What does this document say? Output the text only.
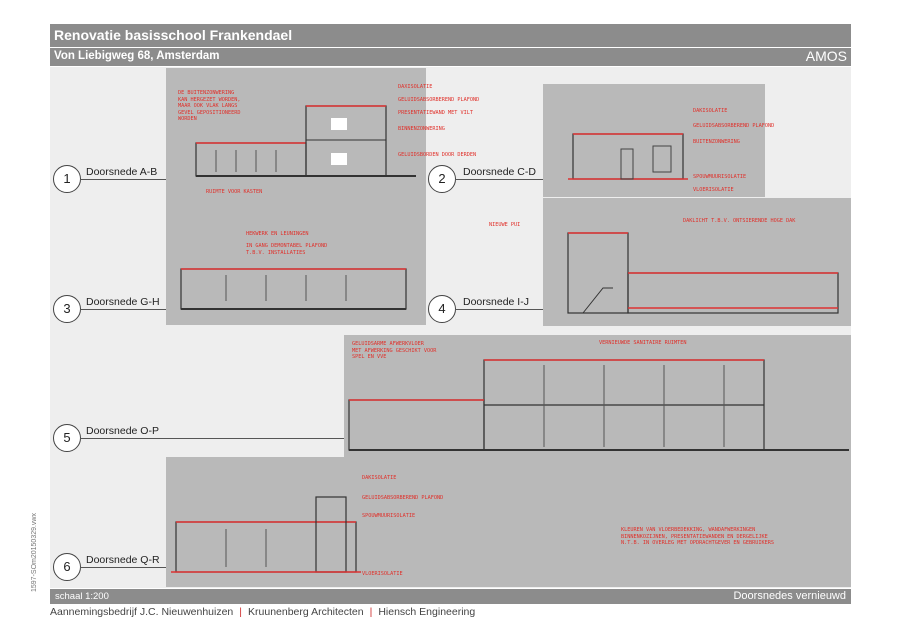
Renovatie basisschool Frankendael
Von Liebigweg 68, Amsterdam	AMOS
DE BUITENZONWERING
KAN HERGEZET WORDEN,
MAAR OOK VLAK LANGS
GEVEL GEPOSITIONEERD
WORDEN
DAXISOLATIE
GELUIDSABSORBEREND PLAFOND
PRESENTATIEWAND MET VILT
BINNENZONWERING
GELUIDSBORDEN DOOR DERDEN
RUIMTE VOOR KASTEN
DAKISOLATIE
GELUIDSABSORBEREND PLAFOND
BUITENZONWERING
SPOUWMUURISOLATIE
VLOERISOLATIE
HEKWERK EN LEUNINGEN
IN GANG DEMONTABEL PLAFOND
T.B.V. INSTALLATIES
NIEUWE PUI
DAKLICHT T.B.V. ONTSIERENDE HOGE DAK
GELUIDSARME AFWERKVLOER
MET AFWERKING GESCHIKT VOOR
SPEL EN VVE
VERNIEUWDE SANITAIRE RUIMTEN
DAKISOLATIE
GELUIDSABSORBEREND PLAFOND
SPOUWMUURISOLATIE
VLOERISOLATIE
KLEUREN VAN VLOERBEDEKKING, WANDAFWERKINGEN
BINNENKOZIJNEN, PRESENTATIEWANDEN EN DERGELIJKE
N.T.B. IN OVERLEG MET OPDRACHTGEVER EN GEBRUIKERS
1	Doorsnede A-B	2	Doorsnede C-D
3	Doorsnede G-H	4	Doorsnede I-J
5	Doorsnede O-P
6	Doorsnede Q-R
schaal 1:200	Doorsnedes vernieuwd
Aannemingsbedrijf J.C. Nieuwenhuizen | Kruunenberg Architecten | Hiensch Engineering
1597-SOm20150329.vwx
